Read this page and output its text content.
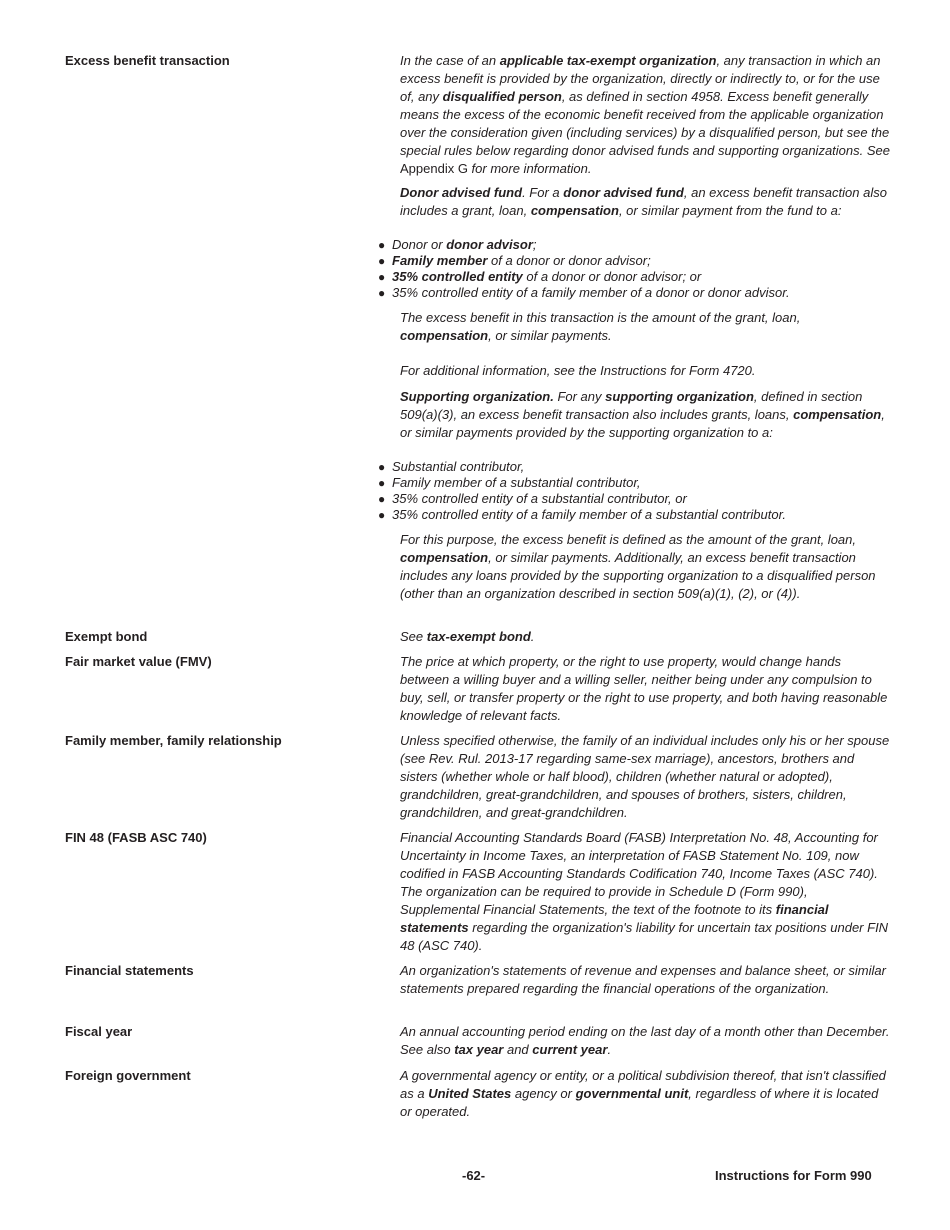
Excess benefit transaction	In the case of an applicable tax-exempt organization, any transaction in which an excess benefit is provided by the organization, directly or indirectly to, or for the use of, any disqualified person, as defined in section 4958. Excess benefit generally means the excess of the economic benefit received from the applicable organization over the consideration given (including services) by a disqualified person, but see the special rules below regarding donor advised funds and supporting organizations. See Appendix G for more information.

Donor advised fund. For a donor advised fund, an excess benefit transaction also includes a grant, loan, compensation, or similar payment from the fund to a:

● Donor or donor advisor;
● Family member of a donor or donor advisor;
● 35% controlled entity of a donor or donor advisor; or
● 35% controlled entity of a family member of a donor or donor advisor.

The excess benefit in this transaction is the amount of the grant, loan, compensation, or similar payments.

For additional information, see the Instructions for Form 4720.

Supporting organization. For any supporting organization, defined in section 509(a)(3), an excess benefit transaction also includes grants, loans, compensation, or similar payments provided by the supporting organization to a:

● Substantial contributor,
● Family member of a substantial contributor,
● 35% controlled entity of a substantial contributor, or
● 35% controlled entity of a family member of a substantial contributor.

For this purpose, the excess benefit is defined as the amount of the grant, loan, compensation, or similar payments. Additionally, an excess benefit transaction includes any loans provided by the supporting organization to a disqualified person (other than an organization described in section 509(a)(1), (2), or (4)).

Exempt bond	See tax-exempt bond.

Fair market value (FMV)	The price at which property, or the right to use property, would change hands between a willing buyer and a willing seller, neither being under any compulsion to buy, sell, or transfer property or the right to use property, and both having reasonable knowledge of relevant facts.
Family member, family relationship	Unless specified otherwise, the family of an individual includes only his or her spouse (see Rev. Rul. 2013-17 regarding same-sex marriage), ancestors, brothers and sisters (whether whole or half blood), children (whether natural or adopted), grandchildren, great-grandchildren, and spouses of brothers, sisters, children, grandchildren, and great-grandchildren.
FIN 48 (FASB ASC 740)	Financial Accounting Standards Board (FASB) Interpretation No. 48, Accounting for Uncertainty in Income Taxes, an interpretation of FASB Statement No. 109, now codified in FASB Accounting Standards Codification 740, Income Taxes (ASC 740). The organization can be required to provide in Schedule D (Form 990), Supplemental Financial Statements, the text of the footnote to its financial statements regarding the organization's liability for uncertain tax positions under FIN 48 (ASC 740).

Financial statements	An organization's statements of revenue and expenses and balance sheet, or similar statements prepared regarding the financial operations of the organization.
Fiscal year	An annual accounting period ending on the last day of a month other than December. See also tax year and current year.

Foreign government	A governmental agency or entity, or a political subdivision thereof, that isn't classified as a United States agency or governmental unit, regardless of where it is located or operated.

-62-	Instructions for Form 990
